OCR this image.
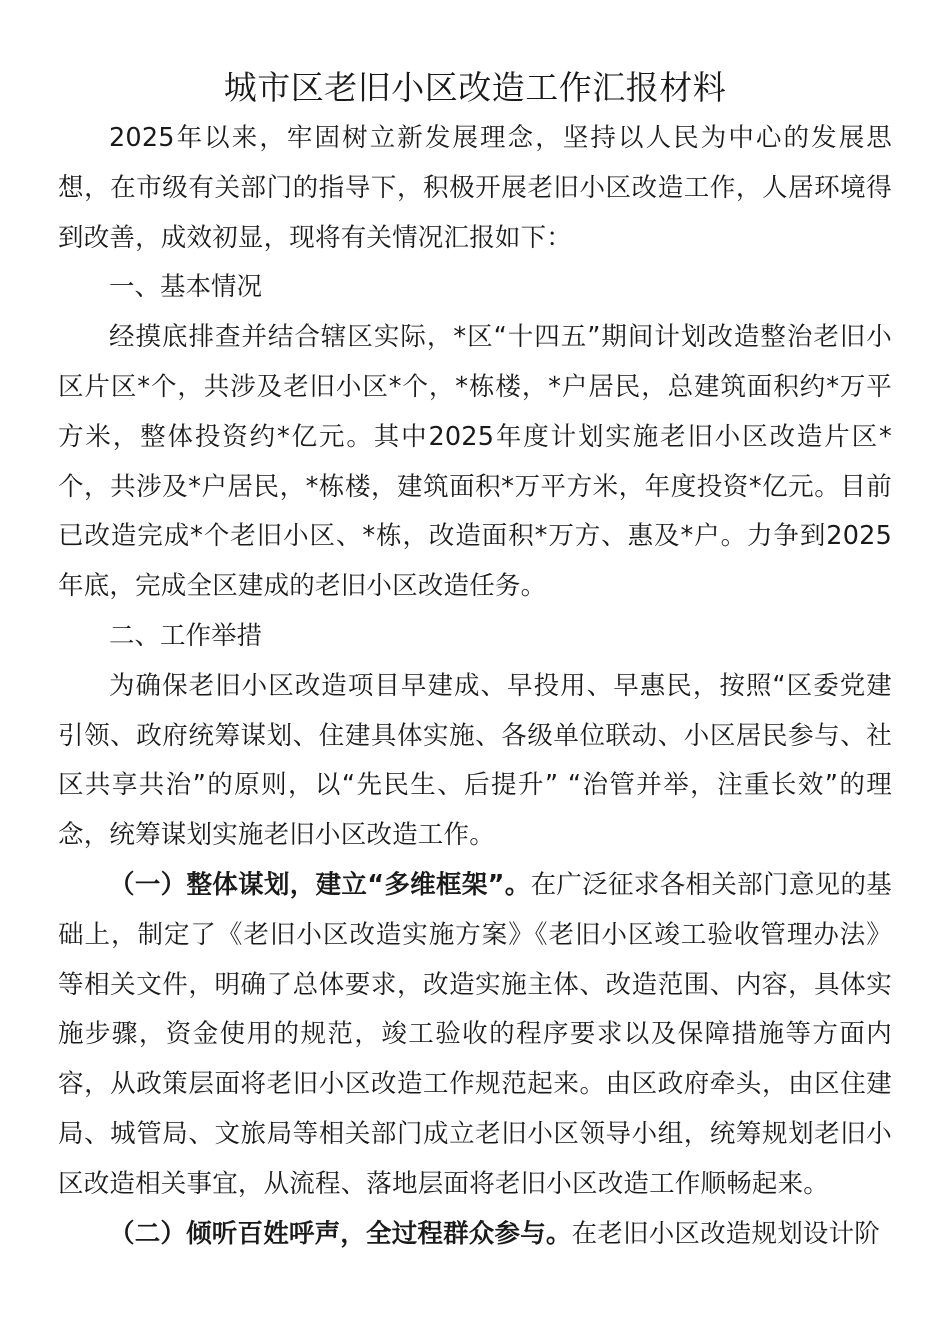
城市区老旧小区改造工作汇报材料

2025年以来，牢固树立新发展理念，坚持以人民为中心的发展思想，在市级有关部门的指导下，积极开展老旧小区改造工作，人居环境得到改善，成效初显，现将有关情况汇报如下：

一、基本情况

经摸底排查并结合辖区实际，*区“十四五”期间计划改造整治老旧小区片区*个，共涉及老旧小区*个，*栋楼，*户居民，总建筑面积约*万平方米，整体投资约*亿元。其中2025年度计划实施老旧小区改造片区*个，共涉及*户居民，*栋楼，建筑面积*万平方米，年度投资*亿元。目前已改造完成*个老旧小区、*栋，改造面积*万方、惠及*户。力争到2025年底，完成全区建成的老旧小区改造任务。

二、工作举措

为确保老旧小区改造项目早建成、早投用、早惠民，按照“区委党建引领、政府统筹谋划、住建具体实施、各级单位联动、小区居民参与、社区共享共治”的原则，以“先民生、后提升” “治管并举，注重长效”的理念，统筹谋划实施老旧小区改造工作。

（一）整体谋划，建立“多维框架”。在广泛征求各相关部门意见的基础上，制定了《老旧小区改造实施方案》《老旧小区竣工验收管理办法》等相关文件，明确了总体要求，改造实施主体、改造范围、内容，具体实施步骤，资金使用的规范，竣工验收的程序要求以及保障措施等方面内容，从政策层面将老旧小区改造工作规范起来。由区政府牵头，由区住建局、城管局、文旅局等相关部门成立老旧小区领导小组，统筹规划老旧小区改造相关事宜，从流程、落地层面将老旧小区改造工作顺畅起来。

（二）倾听百姓呼声，全过程群众参与。在老旧小区改造规划设计阶
